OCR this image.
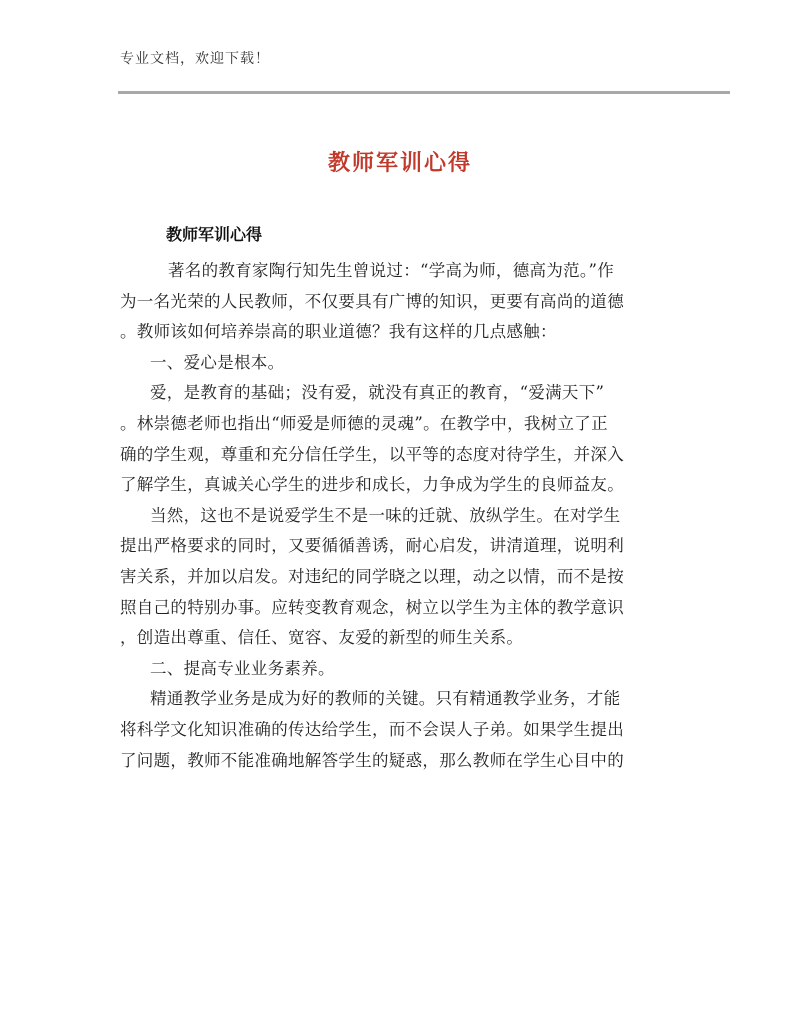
专业文档，欢迎下载！
教师军训心得
教师军训心得
著名的教育家陶行知先生曾说过：“学高为师，德高为范。”作
为一名光荣的人民教师，不仅要具有广博的知识，更要有高尚的道德
。教师该如何培养崇高的职业道德？我有这样的几点感触：
一、爱心是根本。
爱，是教育的基础；没有爱，就没有真正的教育，“爱满天下”
。林崇德老师也指出“师爱是师德的灵魂”。在教学中，我树立了正
确的学生观，尊重和充分信任学生，以平等的态度对待学生，并深入
了解学生，真诚关心学生的进步和成长，力争成为学生的良师益友。
当然，这也不是说爱学生不是一味的迁就、放纵学生。在对学生
提出严格要求的同时，又要循循善诱，耐心启发，讲清道理，说明利
害关系，并加以启发。对违纪的同学晓之以理，动之以情，而不是按
照自己的特别办事。应转变教育观念，树立以学生为主体的教学意识
，创造出尊重、信任、宽容、友爱的新型的师生关系。
二、提高专业业务素养。
精通教学业务是成为好的教师的关键。只有精通教学业务，才能
将科学文化知识准确的传达给学生，而不会误人子弟。如果学生提出
了问题，教师不能准确地解答学生的疑惑，那么教师在学生心目中的
